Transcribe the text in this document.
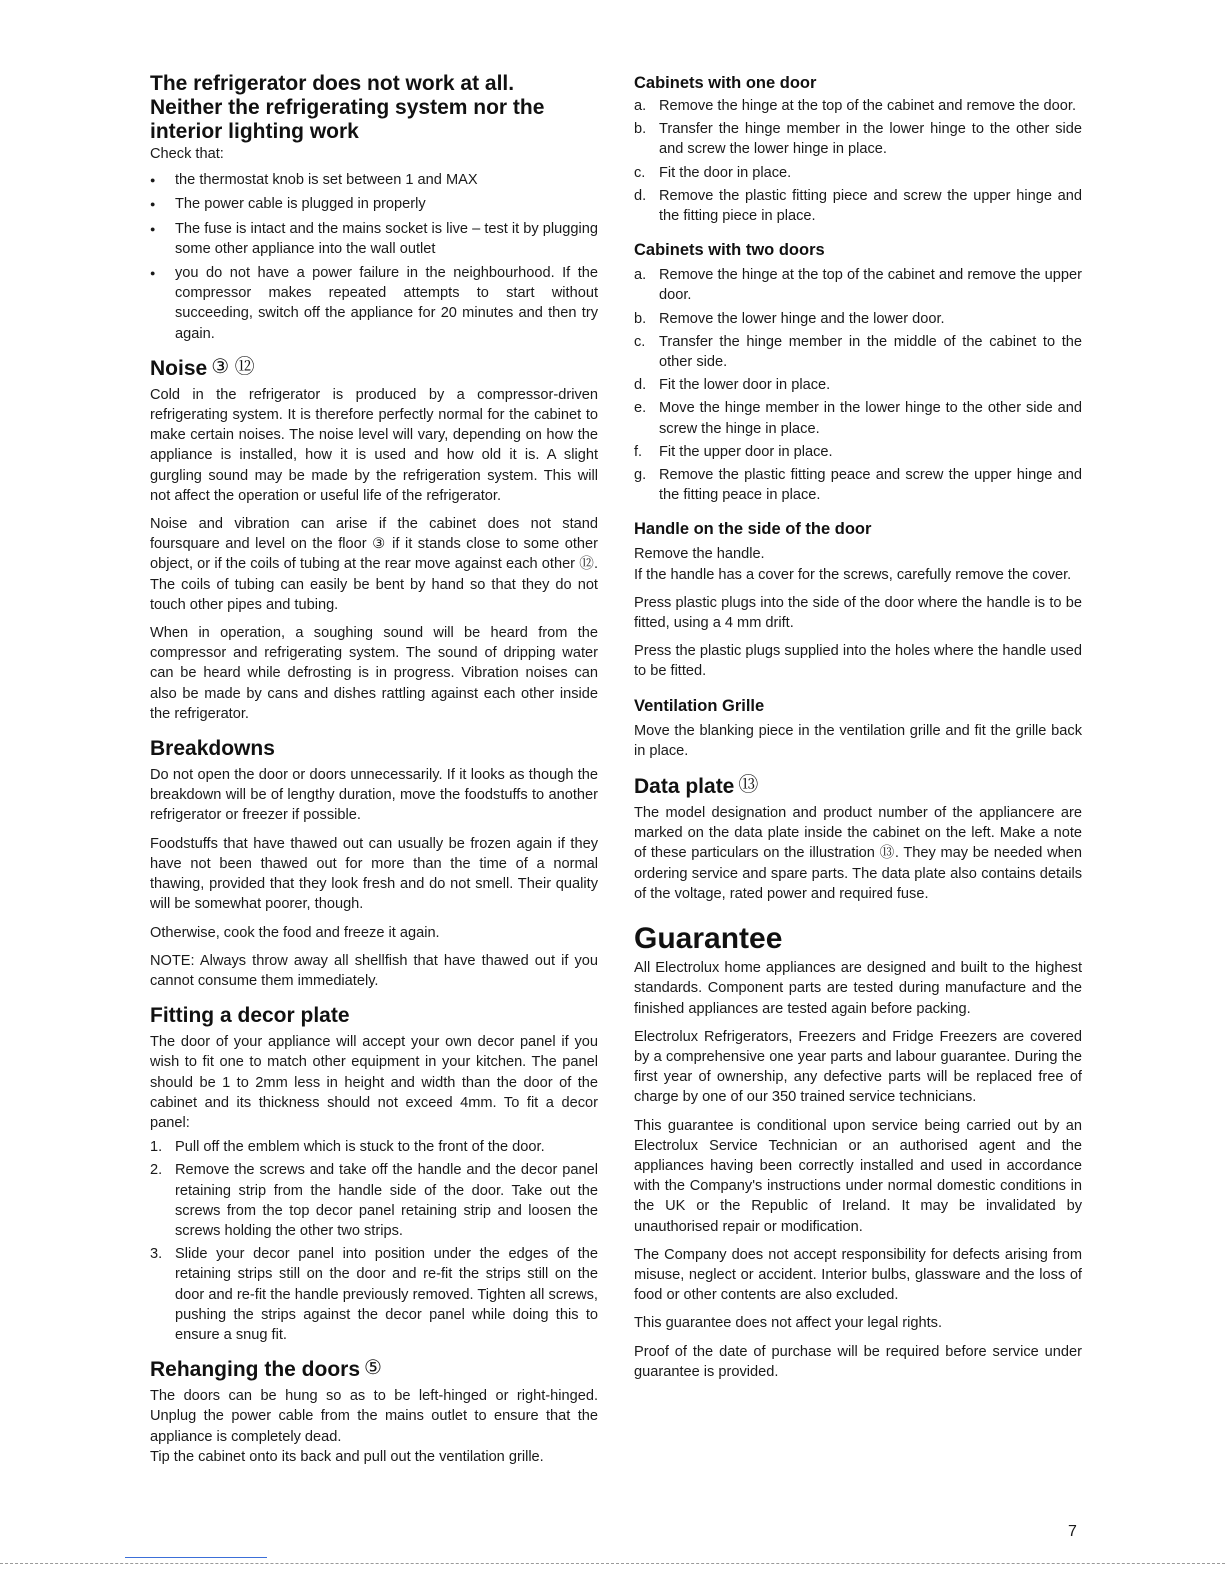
The refrigerator does not work at all.
Neither the refrigerating system nor the
interior lighting work

Check that:

● the thermostat knob is set between 1 and MAX
● The power cable is plugged in properly
● The fuse is intact and the mains socket is live – test it by plugging some other appliance into the wall outlet
● you do not have a power failure in the neighbourhood. If the compressor makes repeated attempts to start without succeeding, switch off the appliance for 20 minutes and then try again.
Noise ③ ⑫

Cold in the refrigerator is produced by a compressor-driven refrigerating system. It is therefore perfectly normal for the cabinet to make certain noises. The noise level will vary, depending on how the appliance is installed, how it is used and how old it is. A slight gurgling sound may be made by the refrigeration system. This will not affect the operation or useful life of the refrigerator.

Noise and vibration can arise if the cabinet does not stand foursquare and level on the floor ③ if it stands close to some other object, or if the coils of tubing at the rear move against each other ⑫. The coils of tubing can easily be bent by hand so that they do not touch other pipes and tubing.

When in operation, a soughing sound will be heard from the compressor and refrigerating system. The sound of dripping water can be heard while defrosting is in progress. Vibration noises can also be made by cans and dishes rattling against each other inside the refrigerator.

Breakdowns

Do not open the door or doors unnecessarily. If it looks as though the breakdown will be of lengthy duration, move the foodstuffs to another refrigerator or freezer if possible.

Foodstuffs that have thawed out can usually be frozen again if they have not been thawed out for more than the time of a normal thawing, provided that they look fresh and do not smell. Their quality will be somewhat poorer, though.

Otherwise, cook the food and freeze it again.

NOTE: Always throw away all shellfish that have thawed out if you cannot consume them immediately.

Fitting a decor plate

The door of your appliance will accept your own decor panel if you wish to fit one to match other equipment in your kitchen. The panel should be 1 to 2mm less in height and width than the door of the cabinet and its thickness should not exceed 4mm. To fit a decor panel:

1. Pull off the emblem which is stuck to the front of the door.
2. Remove the screws and take off the handle and the decor panel retaining strip from the handle side of the door. Take out the screws from the top decor panel retaining strip and loosen the screws holding the other two strips.
3. Slide your decor panel into position under the edges of the retaining strips still on the door and re-fit the strips still on the door and re-fit the handle previously removed. Tighten all screws, pushing the strips against the decor panel while doing this to ensure a snug fit.
Rehanging the doors ⑤

The doors can be hung so as to be left-hinged or right-hinged. Unplug the power cable from the mains outlet to ensure that the appliance is completely dead.

Tip the cabinet onto its back and pull out the ventilation grille.

Cabinets with one door
a. Remove the hinge at the top of the cabinet and remove the door.
b. Transfer the hinge member in the lower hinge to the other side and screw the lower hinge in place.
c. Fit the door in place.
d. Remove the plastic fitting piece and screw the upper hinge and the fitting piece in place.
Cabinets with two doors
a. Remove the hinge at the top of the cabinet and remove the upper door.
b. Remove the lower hinge and the lower door.
c. Transfer the hinge member in the middle of the cabinet to the other side.
d. Fit the lower door in place.
e. Move the hinge member in the lower hinge to the other side and screw the hinge in place.
f.	Fit the upper door in place.
g. Remove the plastic fitting peace and screw the upper hinge and the fitting peace in place.
Handle on the side of the door

Remove the handle.

If the handle has a cover for the screws, carefully remove the cover.

Press plastic plugs into the side of the door where the handle is to be fitted, using a 4 mm drift.

Press the plastic plugs supplied into the holes where the handle used to be fitted.

Ventilation Grille

Move the blanking piece in the ventilation grille and fit the grille back in place.

Data plate ⑬

The model designation and product number of the appliancere are marked on the data plate inside the cabinet on the left. Make a note of these particulars on the illustration ⑬. They may be needed when ordering service and spare parts. The data plate also contains details of the voltage, rated power and required fuse.

Guarantee

All Electrolux home appliances are designed and built to the highest standards. Component parts are tested during manufacture and the finished appliances are tested again before packing.

Electrolux Refrigerators, Freezers and Fridge Freezers are covered by a comprehensive one year parts and labour guarantee. During the first year of ownership, any defective parts will be replaced free of charge by one of our 350 trained service technicians.

This guarantee is conditional upon service being carried out by an Electrolux Service Technician or an authorised agent and the appliances having been correctly installed and used in accordance with the Company's instructions under normal domestic conditions in the UK or the Republic of Ireland. It may be invalidated by unauthorised repair or modification.

The Company does not accept responsibility for defects arising from misuse, neglect or accident. Interior bulbs, glassware and the loss of food or other contents are also excluded.

This guarantee does not affect your legal rights.

Proof of the date of purchase will be required before service under guarantee is provided.

7
